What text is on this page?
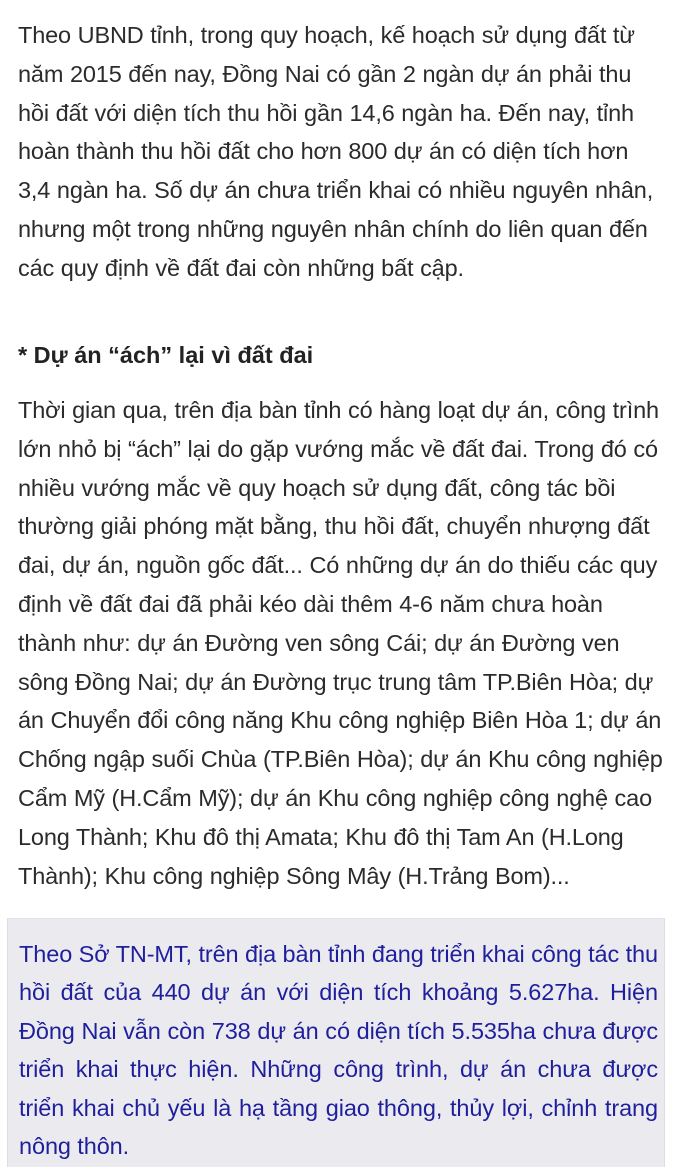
Theo UBND tỉnh, trong quy hoạch, kế hoạch sử dụng đất từ năm 2015 đến nay, Đồng Nai có gần 2 ngàn dự án phải thu hồi đất với diện tích thu hồi gần 14,6 ngàn ha. Đến nay, tỉnh hoàn thành thu hồi đất cho hơn 800 dự án có diện tích hơn 3,4 ngàn ha. Số dự án chưa triển khai có nhiều nguyên nhân, nhưng một trong những nguyên nhân chính do liên quan đến các quy định về đất đai còn những bất cập.

* Dự án “ách” lại vì đất đai

Thời gian qua, trên địa bàn tỉnh có hàng loạt dự án, công trình lớn nhỏ bị “ách” lại do gặp vướng mắc về đất đai. Trong đó có nhiều vướng mắc về quy hoạch sử dụng đất, công tác bồi thường giải phóng mặt bằng, thu hồi đất, chuyển nhượng đất đai, dự án, nguồn gốc đất... Có những dự án do thiếu các quy định về đất đai đã phải kéo dài thêm 4-6 năm chưa hoàn thành như: dự án Đường ven sông Cái; dự án Đường ven sông Đồng Nai; dự án Đường trục trung tâm TP.Biên Hòa; dự án Chuyển đổi công năng Khu công nghiệp Biên Hòa 1; dự án Chống ngập suối Chùa (TP.Biên Hòa); dự án Khu công nghiệp Cẩm Mỹ (H.Cẩm Mỹ); dự án Khu công nghiệp công nghệ cao Long Thành; Khu đô thị Amata; Khu đô thị Tam An (H.Long Thành); Khu công nghiệp Sông Mây (H.Trảng Bom)...

Theo Sở TN-MT, trên địa bàn tỉnh đang triển khai công tác thu hồi đất của 440 dự án với diện tích khoảng 5.627ha. Hiện Đồng Nai vẫn còn 738 dự án có diện tích 5.535ha chưa được triển khai thực hiện. Những công trình, dự án chưa được triển khai chủ yếu là hạ tầng giao thông, thủy lợi, chỉnh trang nông thôn.
